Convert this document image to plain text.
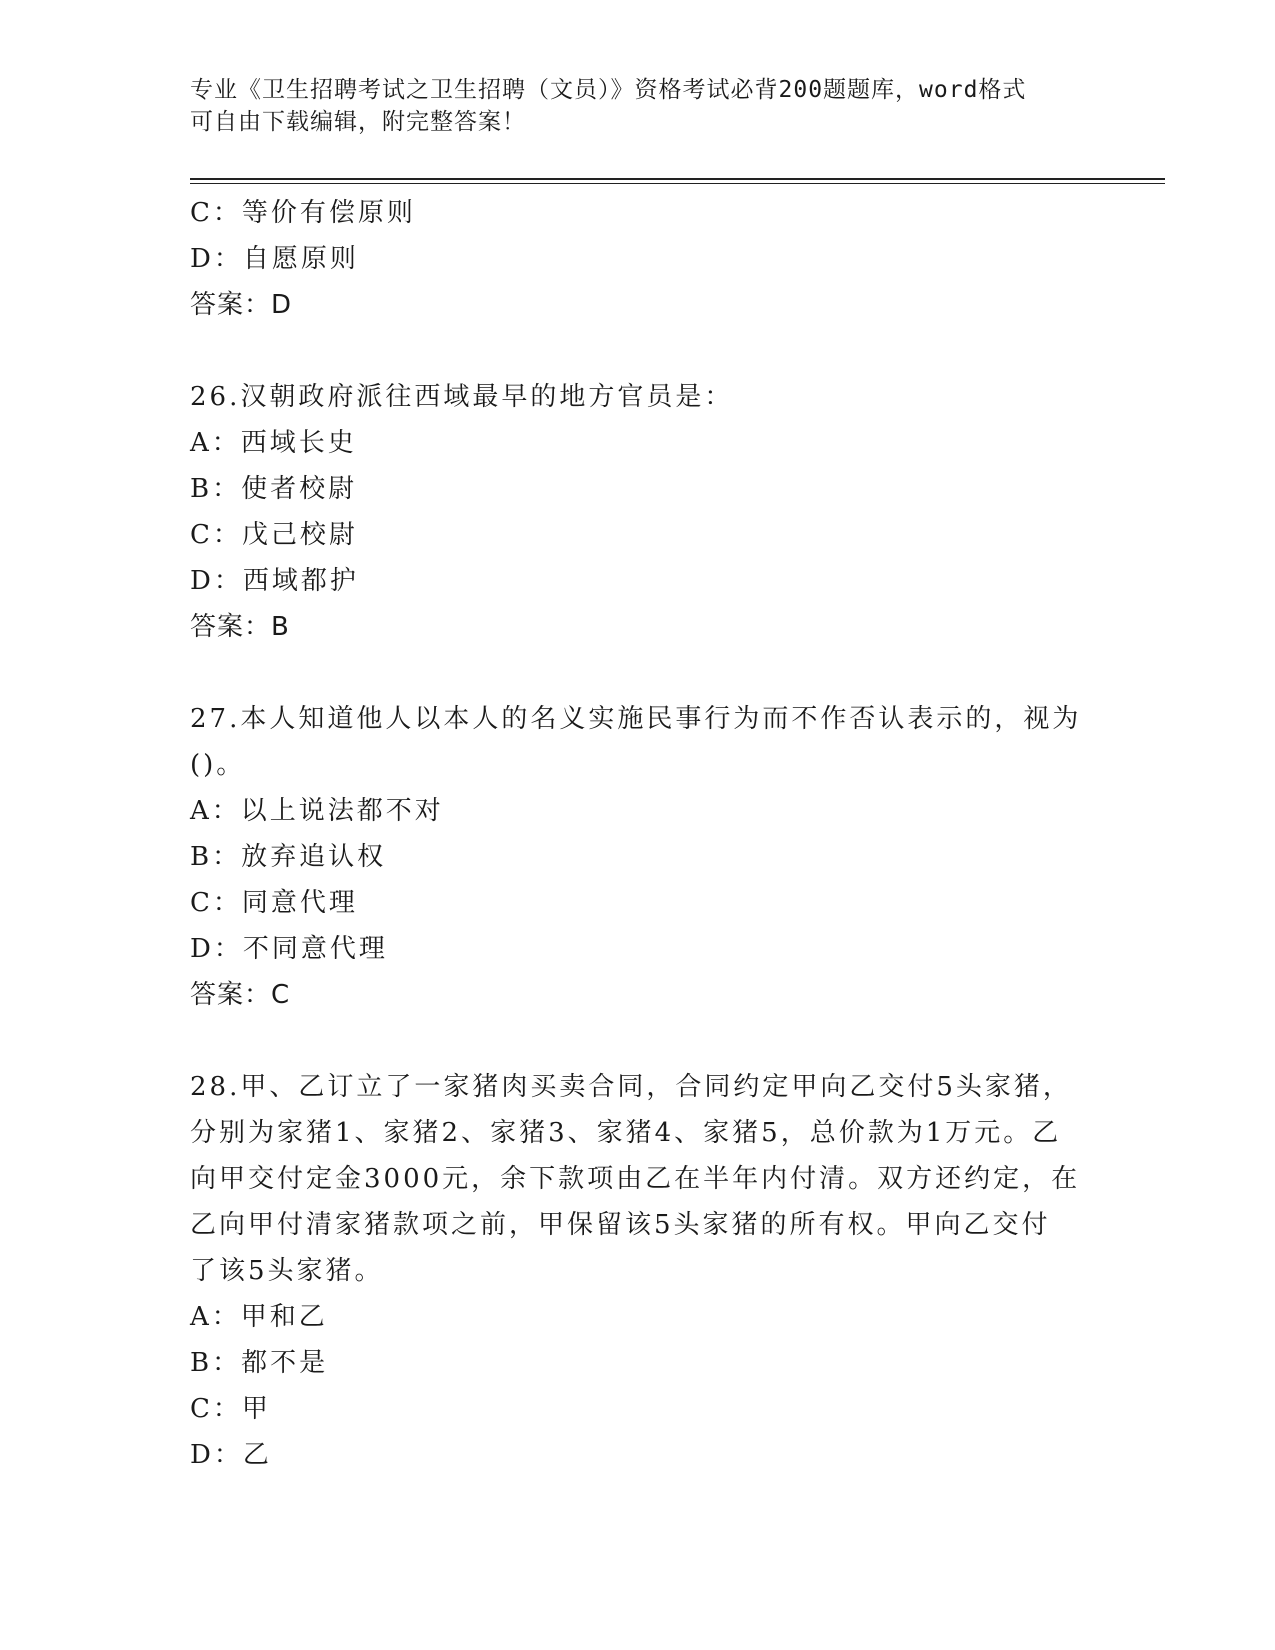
专业《卫生招聘考试之卫生招聘（文员）》资格考试必背200题题库，word格式
可自由下载编辑，附完整答案！
C：等价有偿原则
D：自愿原则
答案：D
26.汉朝政府派往西域最早的地方官员是：
A：西域长史
B：使者校尉
C：戊己校尉
D：西域都护
答案：B
27.本人知道他人以本人的名义实施民事行为而不作否认表示的，视为
()。
A：以上说法都不对
B：放弃追认权
C：同意代理
D：不同意代理
答案：C
28.甲、乙订立了一家猪肉买卖合同，合同约定甲向乙交付5头家猪，
分别为家猪1、家猪2、家猪3、家猪4、家猪5，总价款为1万元。乙
向甲交付定金3000元，余下款项由乙在半年内付清。双方还约定，在
乙向甲付清家猪款项之前，甲保留该5头家猪的所有权。甲向乙交付
了该5头家猪。
A：甲和乙
B：都不是
C：甲
D：乙
